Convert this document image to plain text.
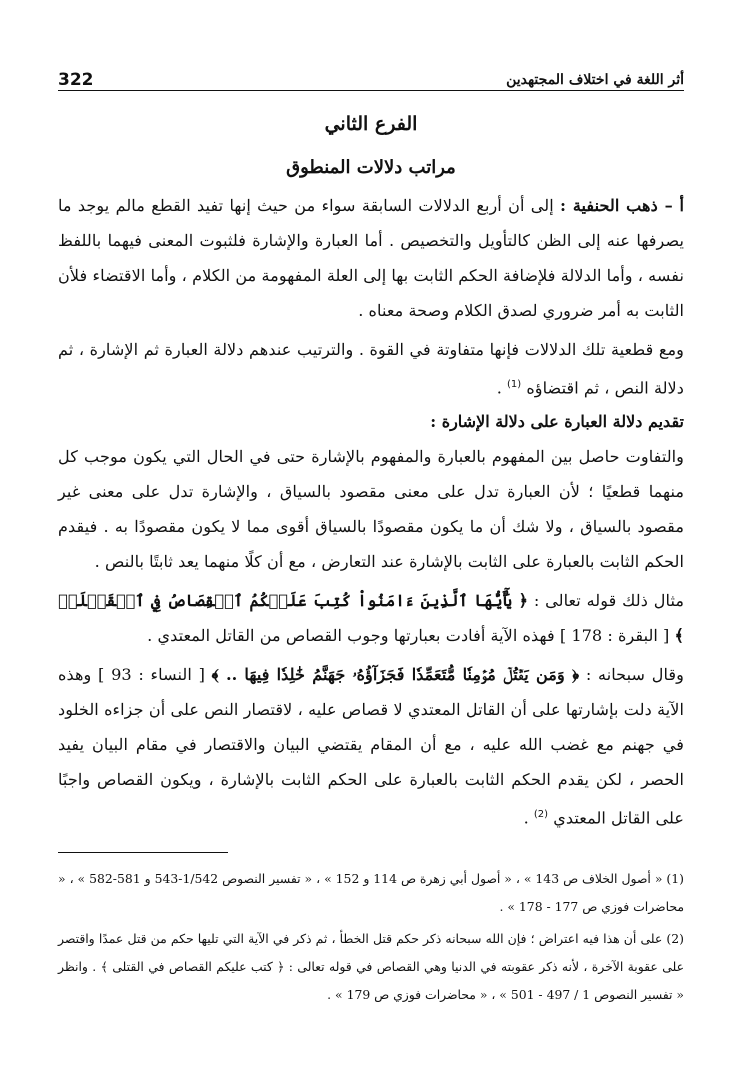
أثر اللغة في اختلاف المجتهدين
322
الفرع الثاني
مراتب دلالات المنطوق

أ – ذهب الحنفية : إلى أن أربع الدلالات السابقة سواء من حيث إنها تفيد القطع مالم يوجد ما يصرفها عنه إلى الظن كالتأويل والتخصيص . أما العبارة والإشارة فلثبوت المعنى فيهما باللفظ نفسه ، وأما الدلالة فلإضافة الحكم الثابت بها إلى العلة المفهومة من الكلام ، وأما الاقتضاء فلأن الثابت به أمر ضروري لصدق الكلام وصحة معناه .

ومع قطعية تلك الدلالات فإنها متفاوتة في القوة . والترتيب عندهم دلالة العبارة ثم الإشارة ، ثم دلالة النص ، ثم اقتضاؤه $^{(1)}$ .

تقديم دلالة العبارة على دلالة الإشارة :

والتفاوت حاصل بين المفهوم بالعبارة والمفهوم بالإشارة حتى في الحال التي يكون موجب كل منهما قطعيًا ؛ لأن العبارة تدل على معنى مقصود بالسياق ، والإشارة تدل على معنى غير مقصود بالسياق ، ولا شك أن ما يكون مقصودًا بالسياق أقوى مما لا يكون مقصودًا به . فيقدم الحكم الثابت بالعبارة على الثابت بالإشارة عند التعارض ، مع أن كلًا منهما يعد ثابتًا بالنص .

مثال ذلك قوله تعالى : ﴿ يَٰٓأَيُّهَا ٱلَّذِينَ ءَامَنُواْ كُتِبَ عَلَيۡكُمُ ٱلۡقِصَاصُ فِي ٱلۡقَتۡلَىۖ ﴾ [ البقرة : 178 ] فهذه الآية أفادت بعبارتها وجوب القصاص من القاتل المعتدي .

وقال سبحانه : ﴿ وَمَن يَقۡتُلۡ مُؤۡمِنٗا مُّتَعَمِّدٗا فَجَزَآؤُهُۥ جَهَنَّمُ خَٰلِدٗا فِيهَا .. ﴾ [ النساء : 93 ] وهذه الآية دلت بإشارتها على أن القاتل المعتدي لا قصاص عليه ، لاقتصار النص على أن جزاءه الخلود في جهنم مع غضب الله عليه ، مع أن المقام يقتضي البيان والاقتصار في مقام البيان يفيد الحصر ، لكن يقدم الحكم الثابت بالعبارة على الحكم الثابت بالإشارة ، ويكون القصاص واجبًا على القاتل المعتدي $^{(2)}$ .

(1) « أصول الخلاف ص 143 » ، « أصول أبي زهرة ص 114 و 152 » ، « تفسير النصوص 1/542-543 و 581-582 » ، « محاضرات فوزي ص 177 - 178 » .

(2) على أن هذا فيه اعتراض ؛ فإن الله سبحانه ذكر حكم قتل الخطأ ، ثم ذكر في الآية التي تليها حكم من قتل عمدًا واقتصر على عقوبة الآخرة ، لأنه ذكر عقوبته في الدنيا وهي القصاص في قوله تعالى : ﴿ كتب عليكم القصاص في القتلى ﴾ . وانظر « تفسير النصوص 1 / 497 - 501 » ، « محاضرات فوزي ص 179 » .
